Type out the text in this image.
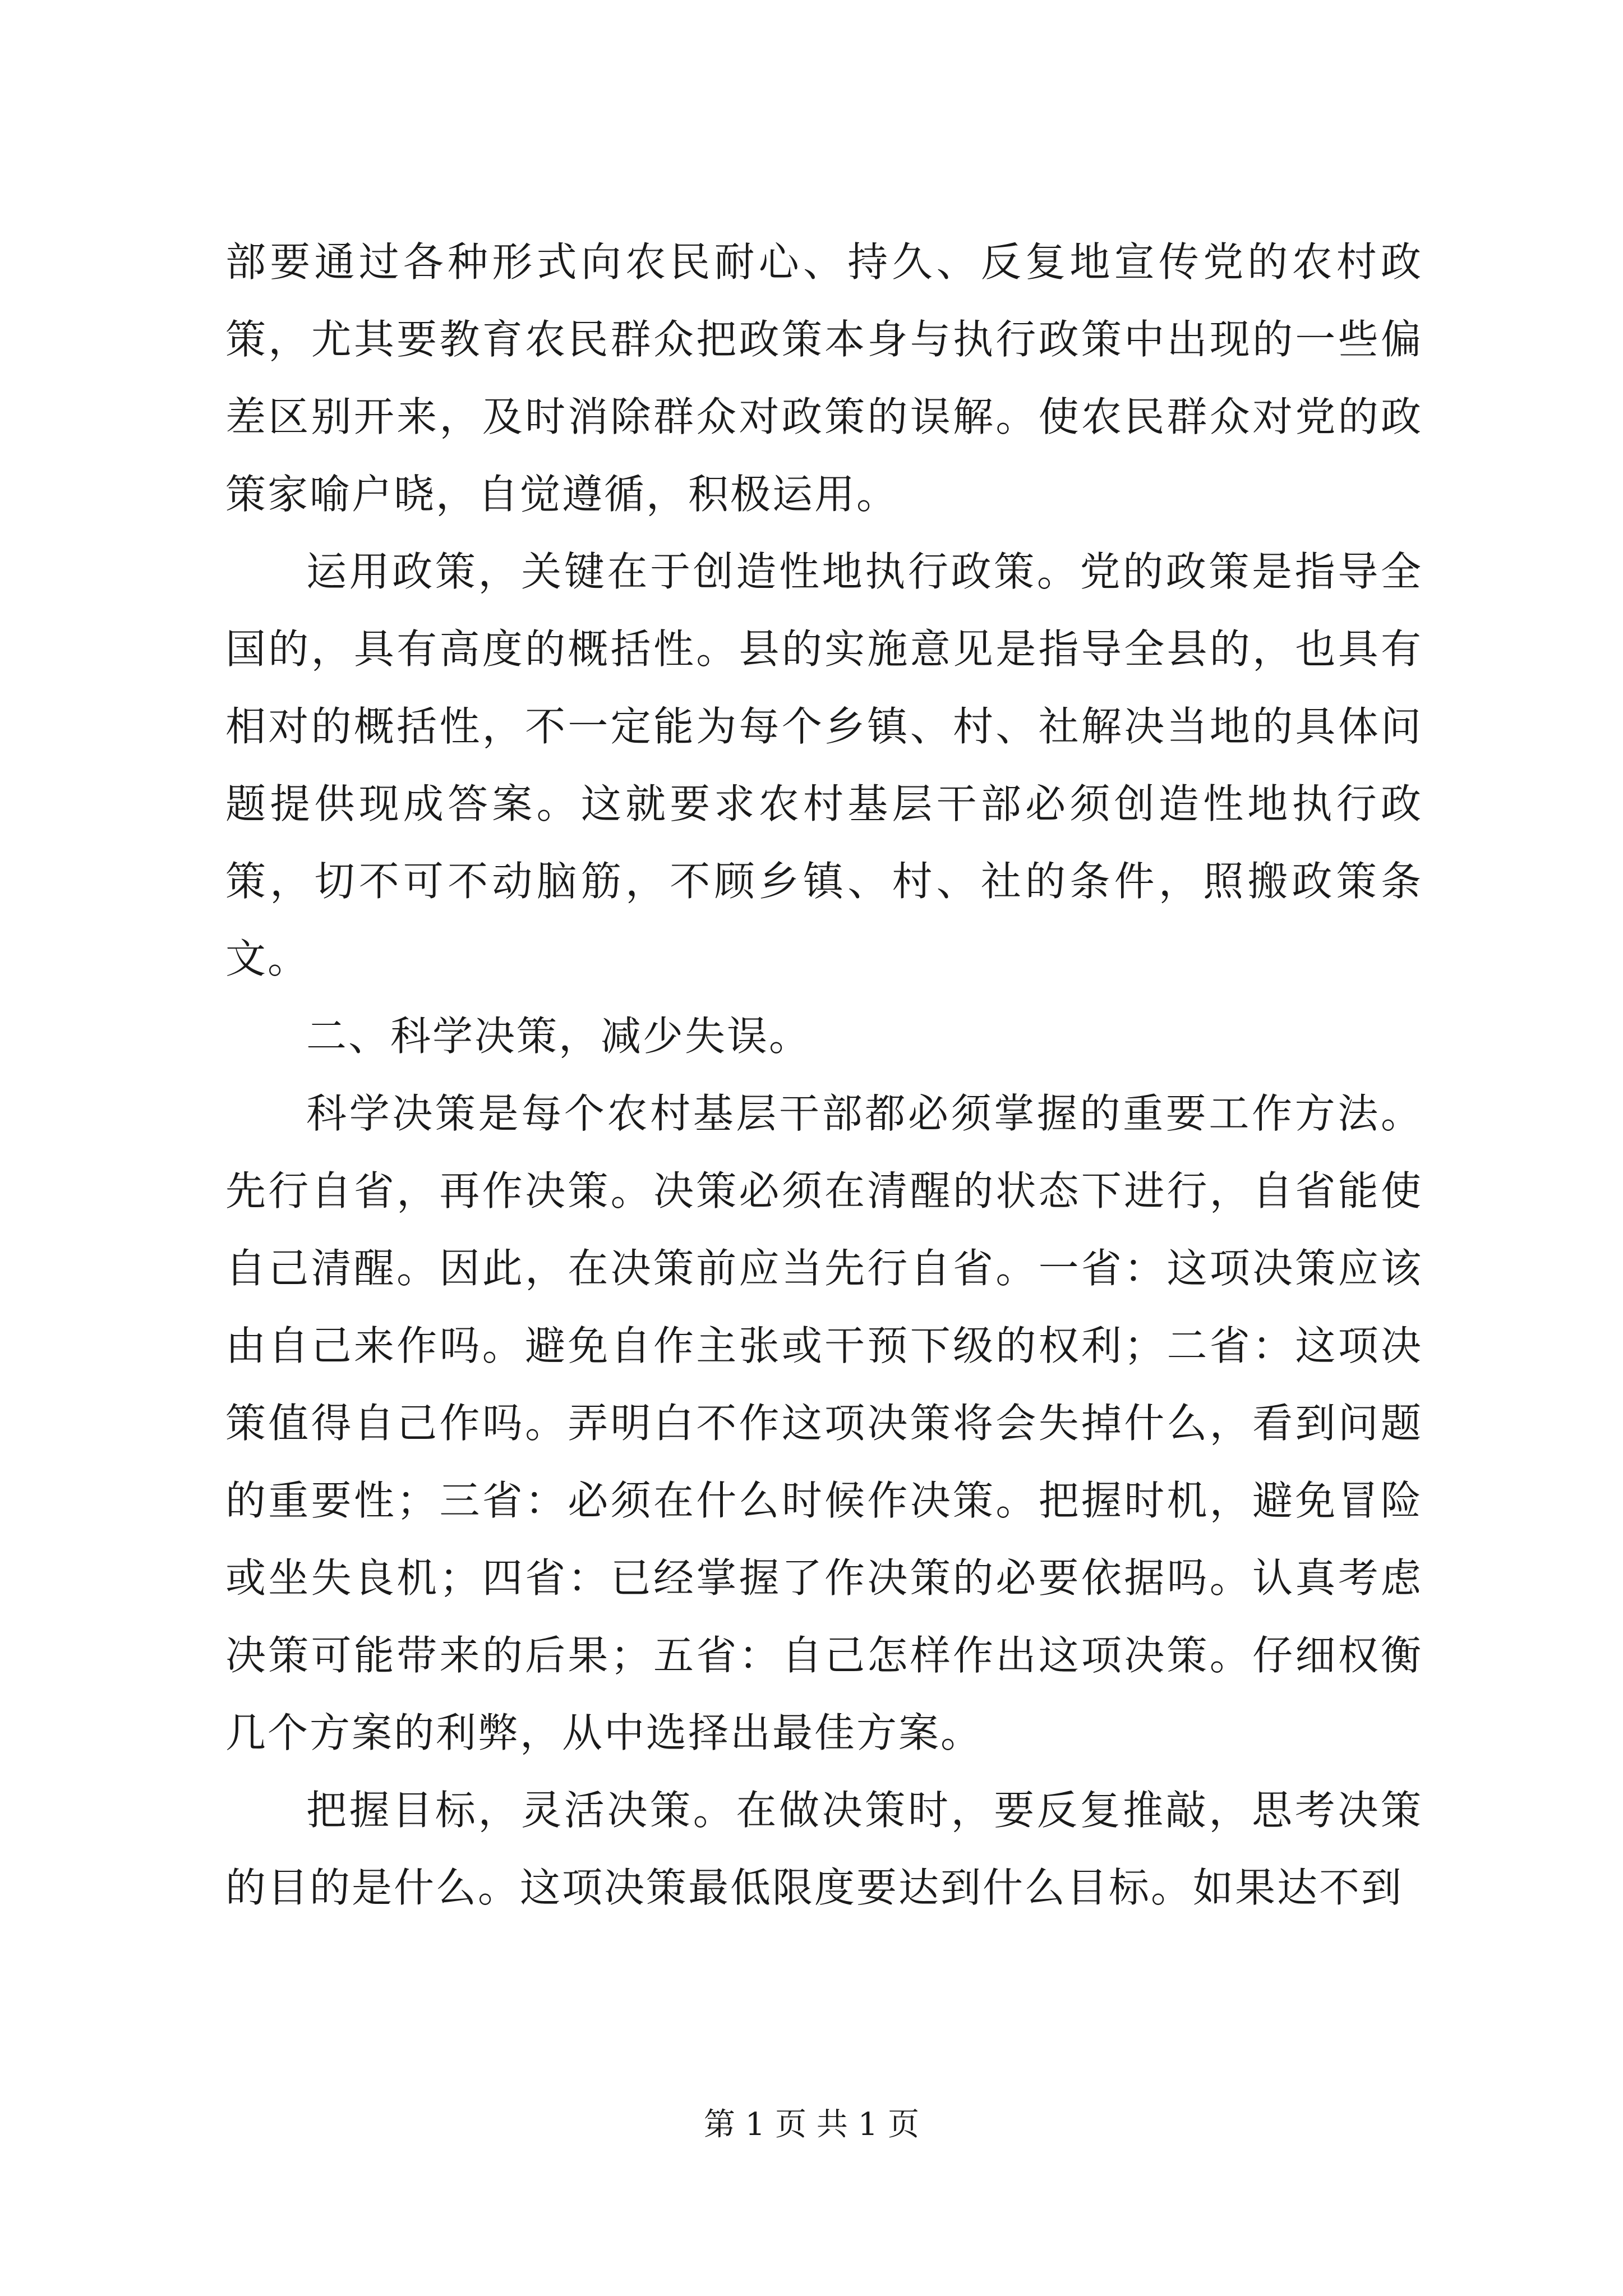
部要通过各种形式向农民耐心、持久、反复地宣传党的农村政策，尤其要教育农民群众把政策本身与执行政策中出现的一些偏差区别开来，及时消除群众对政策的误解。使农民群众对党的政策家喻户晓，自觉遵循，积极运用。

运用政策，关键在于创造性地执行政策。党的政策是指导全国的，具有高度的概括性。县的实施意见是指导全县的，也具有相对的概括性，不一定能为每个乡镇、村、社解决当地的具体问题提供现成答案。这就要求农村基层干部必须创造性地执行政策，切不可不动脑筋，不顾乡镇、村、社的条件，照搬政策条文。

二、科学决策，减少失误。

科学决策是每个农村基层干部都必须掌握的重要工作方法。先行自省，再作决策。决策必须在清醒的状态下进行，自省能使自己清醒。因此，在决策前应当先行自省。一省：这项决策应该由自己来作吗。避免自作主张或干预下级的权利；二省：这项决策值得自己作吗。弄明白不作这项决策将会失掉什么，看到问题的重要性；三省：必须在什么时候作决策。把握时机，避免冒险或坐失良机；四省：已经掌握了作决策的必要依据吗。认真考虑决策可能带来的后果；五省：自己怎样作出这项决策。仔细权衡几个方案的利弊，从中选择出最佳方案。

把握目标，灵活决策。在做决策时，要反复推敲，思考决策的目的是什么。这项决策最低限度要达到什么目标。如果达不到

第 1 页 共 1 页
